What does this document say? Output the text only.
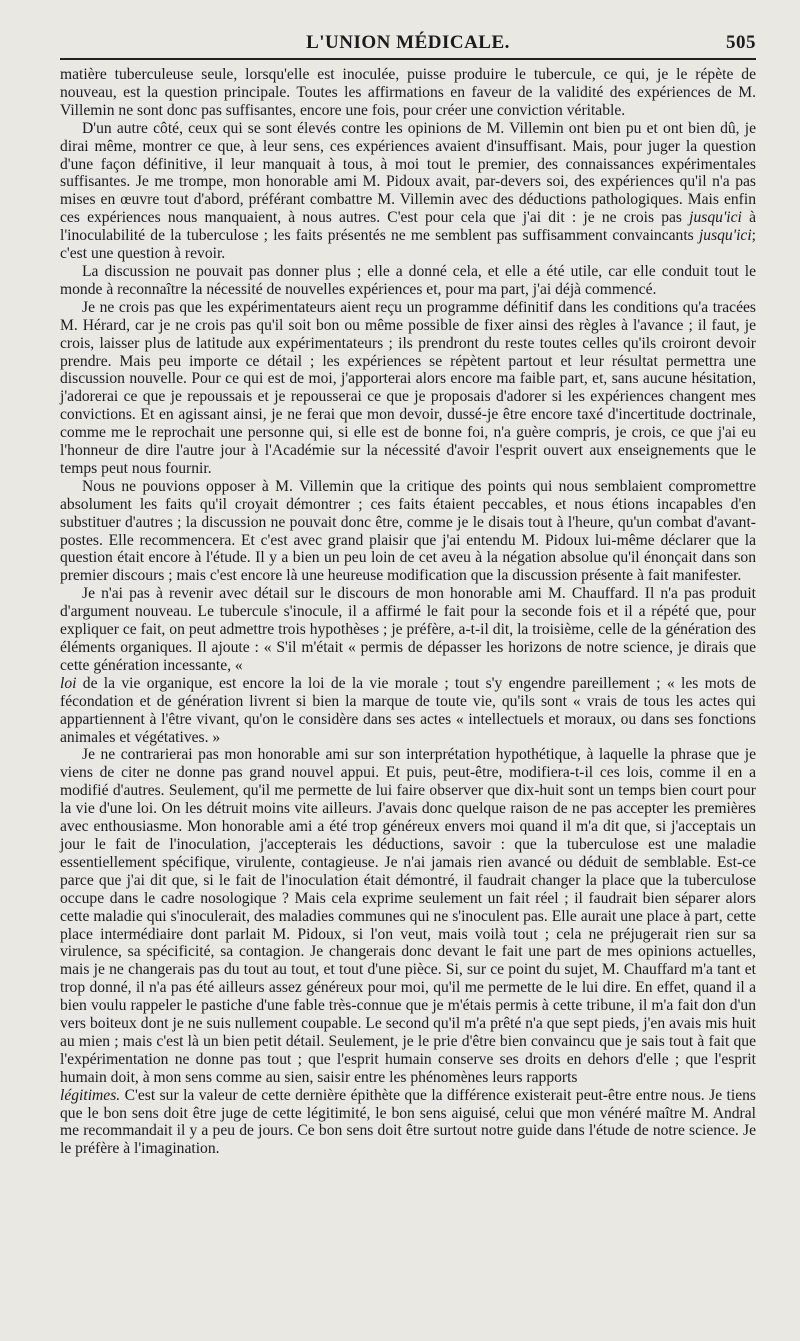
L'UNION MÉDICALE.	505

matière tuberculeuse seule, lorsqu'elle est inoculée, puisse produire le tubercule, ce qui, je le répète de nouveau, est la question principale. Toutes les affirmations en faveur de la validité des expériences de M. Villemin ne sont donc pas suffisantes, encore une fois, pour créer une conviction véritable.

D'un autre côté, ceux qui se sont élevés contre les opinions de M. Villemin ont bien pu et ont bien dû, je dirai même, montrer ce que, à leur sens, ces expériences avaient d'insuffisant. Mais, pour juger la question d'une façon définitive, il leur manquait à tous, à moi tout le premier, des connaissances expérimentales suffisantes. Je me trompe, mon honorable ami M. Pidoux avait, par-devers soi, des expériences qu'il n'a pas mises en œuvre tout d'abord, préférant combattre M. Villemin avec des déductions pathologiques. Mais enfin ces expériences nous manquaient, à nous autres. C'est pour cela que j'ai dit : je ne crois pas jusqu'ici à l'inoculabilité de la tuberculose ; les faits présentés ne me semblent pas suffisamment convaincants jusqu'ici; c'est une question à revoir.

La discussion ne pouvait pas donner plus ; elle a donné cela, et elle a été utile, car elle conduit tout le monde à reconnaître la nécessité de nouvelles expériences et, pour ma part, j'ai déjà commencé.

Je ne crois pas que les expérimentateurs aient reçu un programme définitif dans les conditions qu'a tracées M. Hérard, car je ne crois pas qu'il soit bon ou même possible de fixer ainsi des règles à l'avance ; il faut, je crois, laisser plus de latitude aux expérimentateurs ; ils prendront du reste toutes celles qu'ils croiront devoir prendre. Mais peu importe ce détail ; les expériences se répètent partout et leur résultat permettra une discussion nouvelle. Pour ce qui est de moi, j'apporterai alors encore ma faible part, et, sans aucune hésitation, j'adorerai ce que je repoussais et je repousserai ce que je proposais d'adorer si les expériences changent mes convictions. Et en agissant ainsi, je ne ferai que mon devoir, dussé-je être encore taxé d'incertitude doctrinale, comme me le reprochait une personne qui, si elle est de bonne foi, n'a guère compris, je crois, ce que j'ai eu l'honneur de dire l'autre jour à l'Académie sur la nécessité d'avoir l'esprit ouvert aux enseignements que le temps peut nous fournir.

Nous ne pouvions opposer à M. Villemin que la critique des points qui nous semblaient compromettre absolument les faits qu'il croyait démontrer ; ces faits étaient peccables, et nous étions incapables d'en substituer d'autres ; la discussion ne pouvait donc être, comme je le disais tout à l'heure, qu'un combat d'avant-postes. Elle recommencera. Et c'est avec grand plaisir que j'ai entendu M. Pidoux lui-même déclarer que la question était encore à l'étude. Il y a bien un peu loin de cet aveu à la négation absolue qu'il énonçait dans son premier discours ; mais c'est encore là une heureuse modification que la discussion présente à fait manifester.

Je n'ai pas à revenir avec détail sur le discours de mon honorable ami M. Chauffard. Il n'a pas produit d'argument nouveau. Le tubercule s'inocule, il a affirmé le fait pour la seconde fois et il a répété que, pour expliquer ce fait, on peut admettre trois hypothèses ; je préfère, a-t-il dit, la troisième, celle de la génération des éléments organiques. Il ajoute : « S'il m'était « permis de dépasser les horizons de notre science, je dirais que cette génération incessante, «

loi de la vie organique, est encore la loi de la vie morale ; tout s'y engendre pareillement ; « les mots de fécondation et de génération livrent si bien la marque de toute vie, qu'ils sont « vrais de tous les actes qui appartiennent à l'être vivant, qu'on le considère dans ses actes « intellectuels et moraux, ou dans ses fonctions animales et végétatives. »

Je ne contrarierai pas mon honorable ami sur son interprétation hypothétique, à laquelle la phrase que je viens de citer ne donne pas grand nouvel appui. Et puis, peut-être, modifiera-t-il ces lois, comme il en a modifié d'autres. Seulement, qu'il me permette de lui faire observer que dix-huit sont un temps bien court pour la vie d'une loi. On les détruit moins vite ailleurs. J'avais donc quelque raison de ne pas accepter les premières avec enthousiasme. Mon honorable ami a été trop généreux envers moi quand il m'a dit que, si j'acceptais un jour le fait de l'inoculation, j'accepterais les déductions, savoir : que la tuberculose est une maladie essentiellement spécifique, virulente, contagieuse. Je n'ai jamais rien avancé ou déduit de semblable. Est-ce parce que j'ai dit que, si le fait de l'inoculation était démontré, il faudrait changer la place que la tuberculose occupe dans le cadre nosologique ? Mais cela exprime seulement un fait réel ; il faudrait bien séparer alors cette maladie qui s'inoculerait, des maladies communes qui ne s'inoculent pas. Elle aurait une place à part, cette place intermédiaire dont parlait M. Pidoux, si l'on veut, mais voilà tout ; cela ne préjugerait rien sur sa virulence, sa spécificité, sa contagion. Je changerais donc devant le fait une part de mes opinions actuelles, mais je ne changerais pas du tout au tout, et tout d'une pièce. Si, sur ce point du sujet, M. Chauffard m'a tant et trop donné, il n'a pas été ailleurs assez généreux pour moi, qu'il me permette de le lui dire. En effet, quand il a bien voulu rappeler le pastiche d'une fable très-connue que je m'étais permis à cette tribune, il m'a fait don d'un vers boiteux dont je ne suis nullement coupable. Le second qu'il m'a prêté n'a que sept pieds, j'en avais mis huit au mien ; mais c'est là un bien petit détail. Seulement, je le prie d'être bien convaincu que je sais tout à fait que l'expérimentation ne donne pas tout ; que l'esprit humain conserve ses droits en dehors d'elle ; que l'esprit humain doit, à mon sens comme au sien, saisir entre les phénomènes leurs rapports

légitimes. C'est sur la valeur de cette dernière épithète que la différence existerait peut-être entre nous. Je tiens que le bon sens doit être juge de cette légitimité, le bon sens aiguisé, celui que mon vénéré maître M. Andral me recommandait il y a peu de jours. Ce bon sens doit être surtout notre guide dans l'étude de notre science. Je le préfère à l'imagination.
